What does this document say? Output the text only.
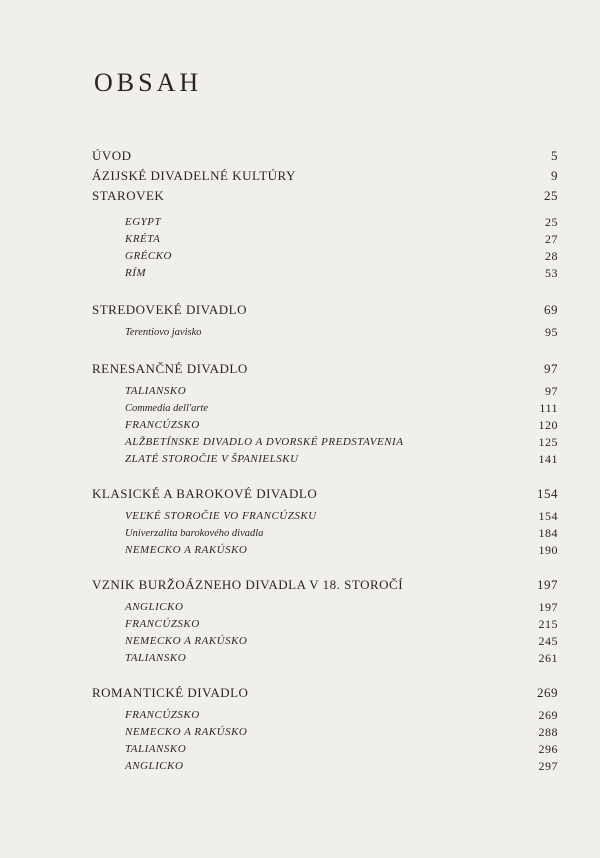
OBSAH
ÚVOD	5
ÁZIJSKÉ DIVADELNÉ KULTÚRY	9
STAROVEK	25
EGYPT	25
KRÉTA	27
GRÉCKO	28
RÍM	53
STREDOVEKÉ DIVADLO	69
Terentiovo javisko	95
RENESANČNÉ DIVADLO	97
TALIANSKO	97
Commedia dell'arte	111
FRANCÚZSKO	120
ALŽBETÍNSKE DIVADLO A DVORSKÉ PREDSTAVENIA	125
ZLATÉ STOROČIE V ŠPANIELSKU	141
KLASICKÉ A BAROKOVÉ DIVADLO	154
VEĽKÉ STOROČIE VO FRANCÚZSKU	154
Univerzalita barokového divadla	184
NEMECKO A RAKÚSKO	190
VZNIK BURŽOÁZNEHO DIVADLA V 18. STOROČÍ	197
ANGLICKO	197
FRANCÚZSKO	215
NEMECKO A RAKÚSKO	245
TALIANSKO	261
ROMANTICKÉ DIVADLO	269
FRANCÚZSKO	269
NEMECKO A RAKÚSKO	288
TALIANSKO	296
ANGLICKO	297
